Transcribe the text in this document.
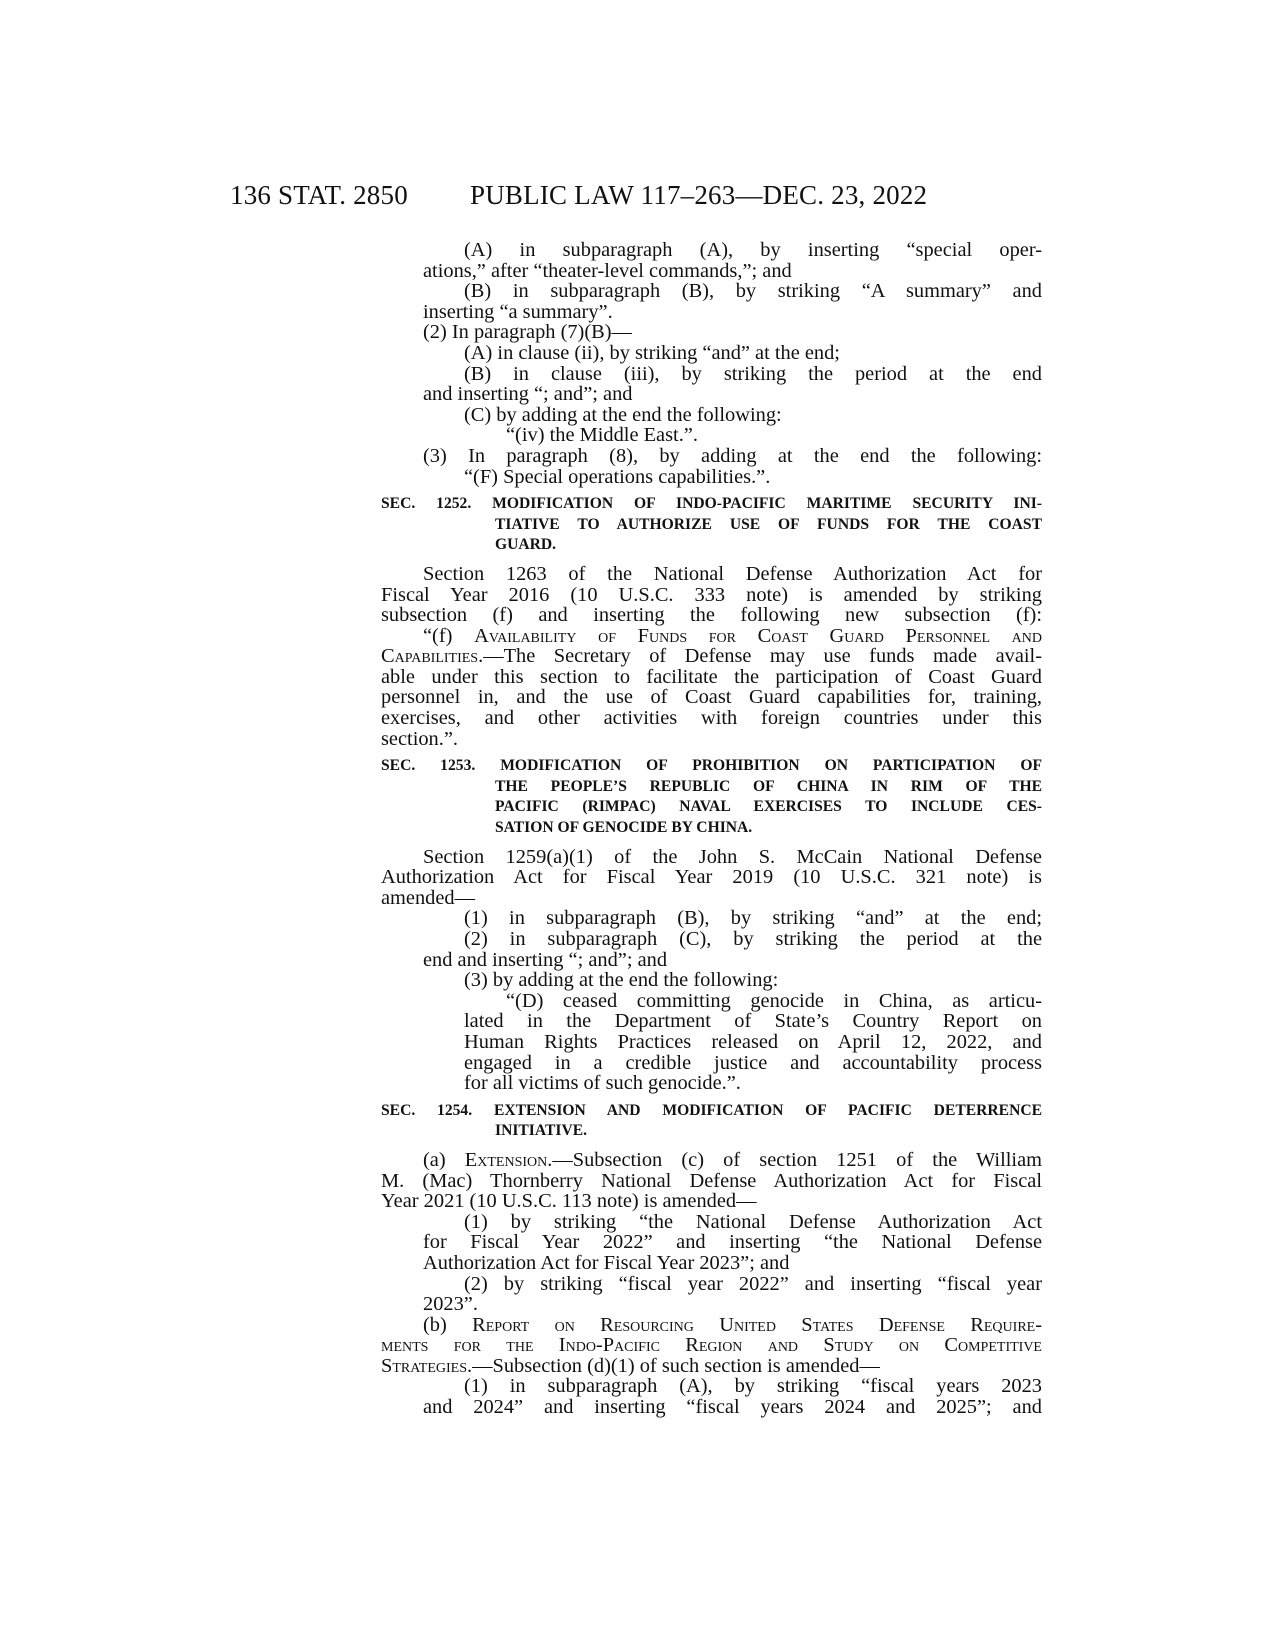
136 STAT. 2850 PUBLIC LAW 117–263—DEC. 23, 2022
(A) in subparagraph (A), by inserting “special oper-
ations,” after “theater-level commands,”; and
(B) in subparagraph (B), by striking “A summary” and
inserting “a summary”.
(2) In paragraph (7)(B)—
(A) in clause (ii), by striking “and” at the end;
(B) in clause (iii), by striking the period at the end
and inserting “; and”; and
(C) by adding at the end the following:
“(iv) the Middle East.”.
(3) In paragraph (8), by adding at the end the following:
“(F) Special operations capabilities.”.
SEC. 1252. MODIFICATION OF INDO-PACIFIC MARITIME SECURITY INI-
TIATIVE TO AUTHORIZE USE OF FUNDS FOR THE COAST
GUARD.
Section 1263 of the National Defense Authorization Act for
Fiscal Year 2016 (10 U.S.C. 333 note) is amended by striking
subsection (f) and inserting the following new subsection (f):
“(f) Availability of Funds for Coast Guard Personnel and
Capabilities.—The Secretary of Defense may use funds made avail-
able under this section to facilitate the participation of Coast Guard
personnel in, and the use of Coast Guard capabilities for, training,
exercises, and other activities with foreign countries under this
section.”.
SEC. 1253. MODIFICATION OF PROHIBITION ON PARTICIPATION OF
THE PEOPLE’S REPUBLIC OF CHINA IN RIM OF THE
PACIFIC (RIMPAC) NAVAL EXERCISES TO INCLUDE CES-
SATION OF GENOCIDE BY CHINA.
Section 1259(a)(1) of the John S. McCain National Defense
Authorization Act for Fiscal Year 2019 (10 U.S.C. 321 note) is
amended—
(1) in subparagraph (B), by striking “and” at the end;
(2) in subparagraph (C), by striking the period at the
end and inserting “; and”; and
(3) by adding at the end the following:
“(D) ceased committing genocide in China, as articu-
lated in the Department of State’s Country Report on
Human Rights Practices released on April 12, 2022, and
engaged in a credible justice and accountability process
for all victims of such genocide.”.
SEC. 1254. EXTENSION AND MODIFICATION OF PACIFIC DETERRENCE
INITIATIVE.
(a) Extension.—Subsection (c) of section 1251 of the William
M. (Mac) Thornberry National Defense Authorization Act for Fiscal
Year 2021 (10 U.S.C. 113 note) is amended—
(1) by striking “the National Defense Authorization Act
for Fiscal Year 2022” and inserting “the National Defense
Authorization Act for Fiscal Year 2023”; and
(2) by striking “fiscal year 2022” and inserting “fiscal year
2023”.
(b) Report on Resourcing United States Defense Require-
ments for the Indo-Pacific Region and Study on Competitive
Strategies.—Subsection (d)(1) of such section is amended—
(1) in subparagraph (A), by striking “fiscal years 2023
and 2024” and inserting “fiscal years 2024 and 2025”; and
